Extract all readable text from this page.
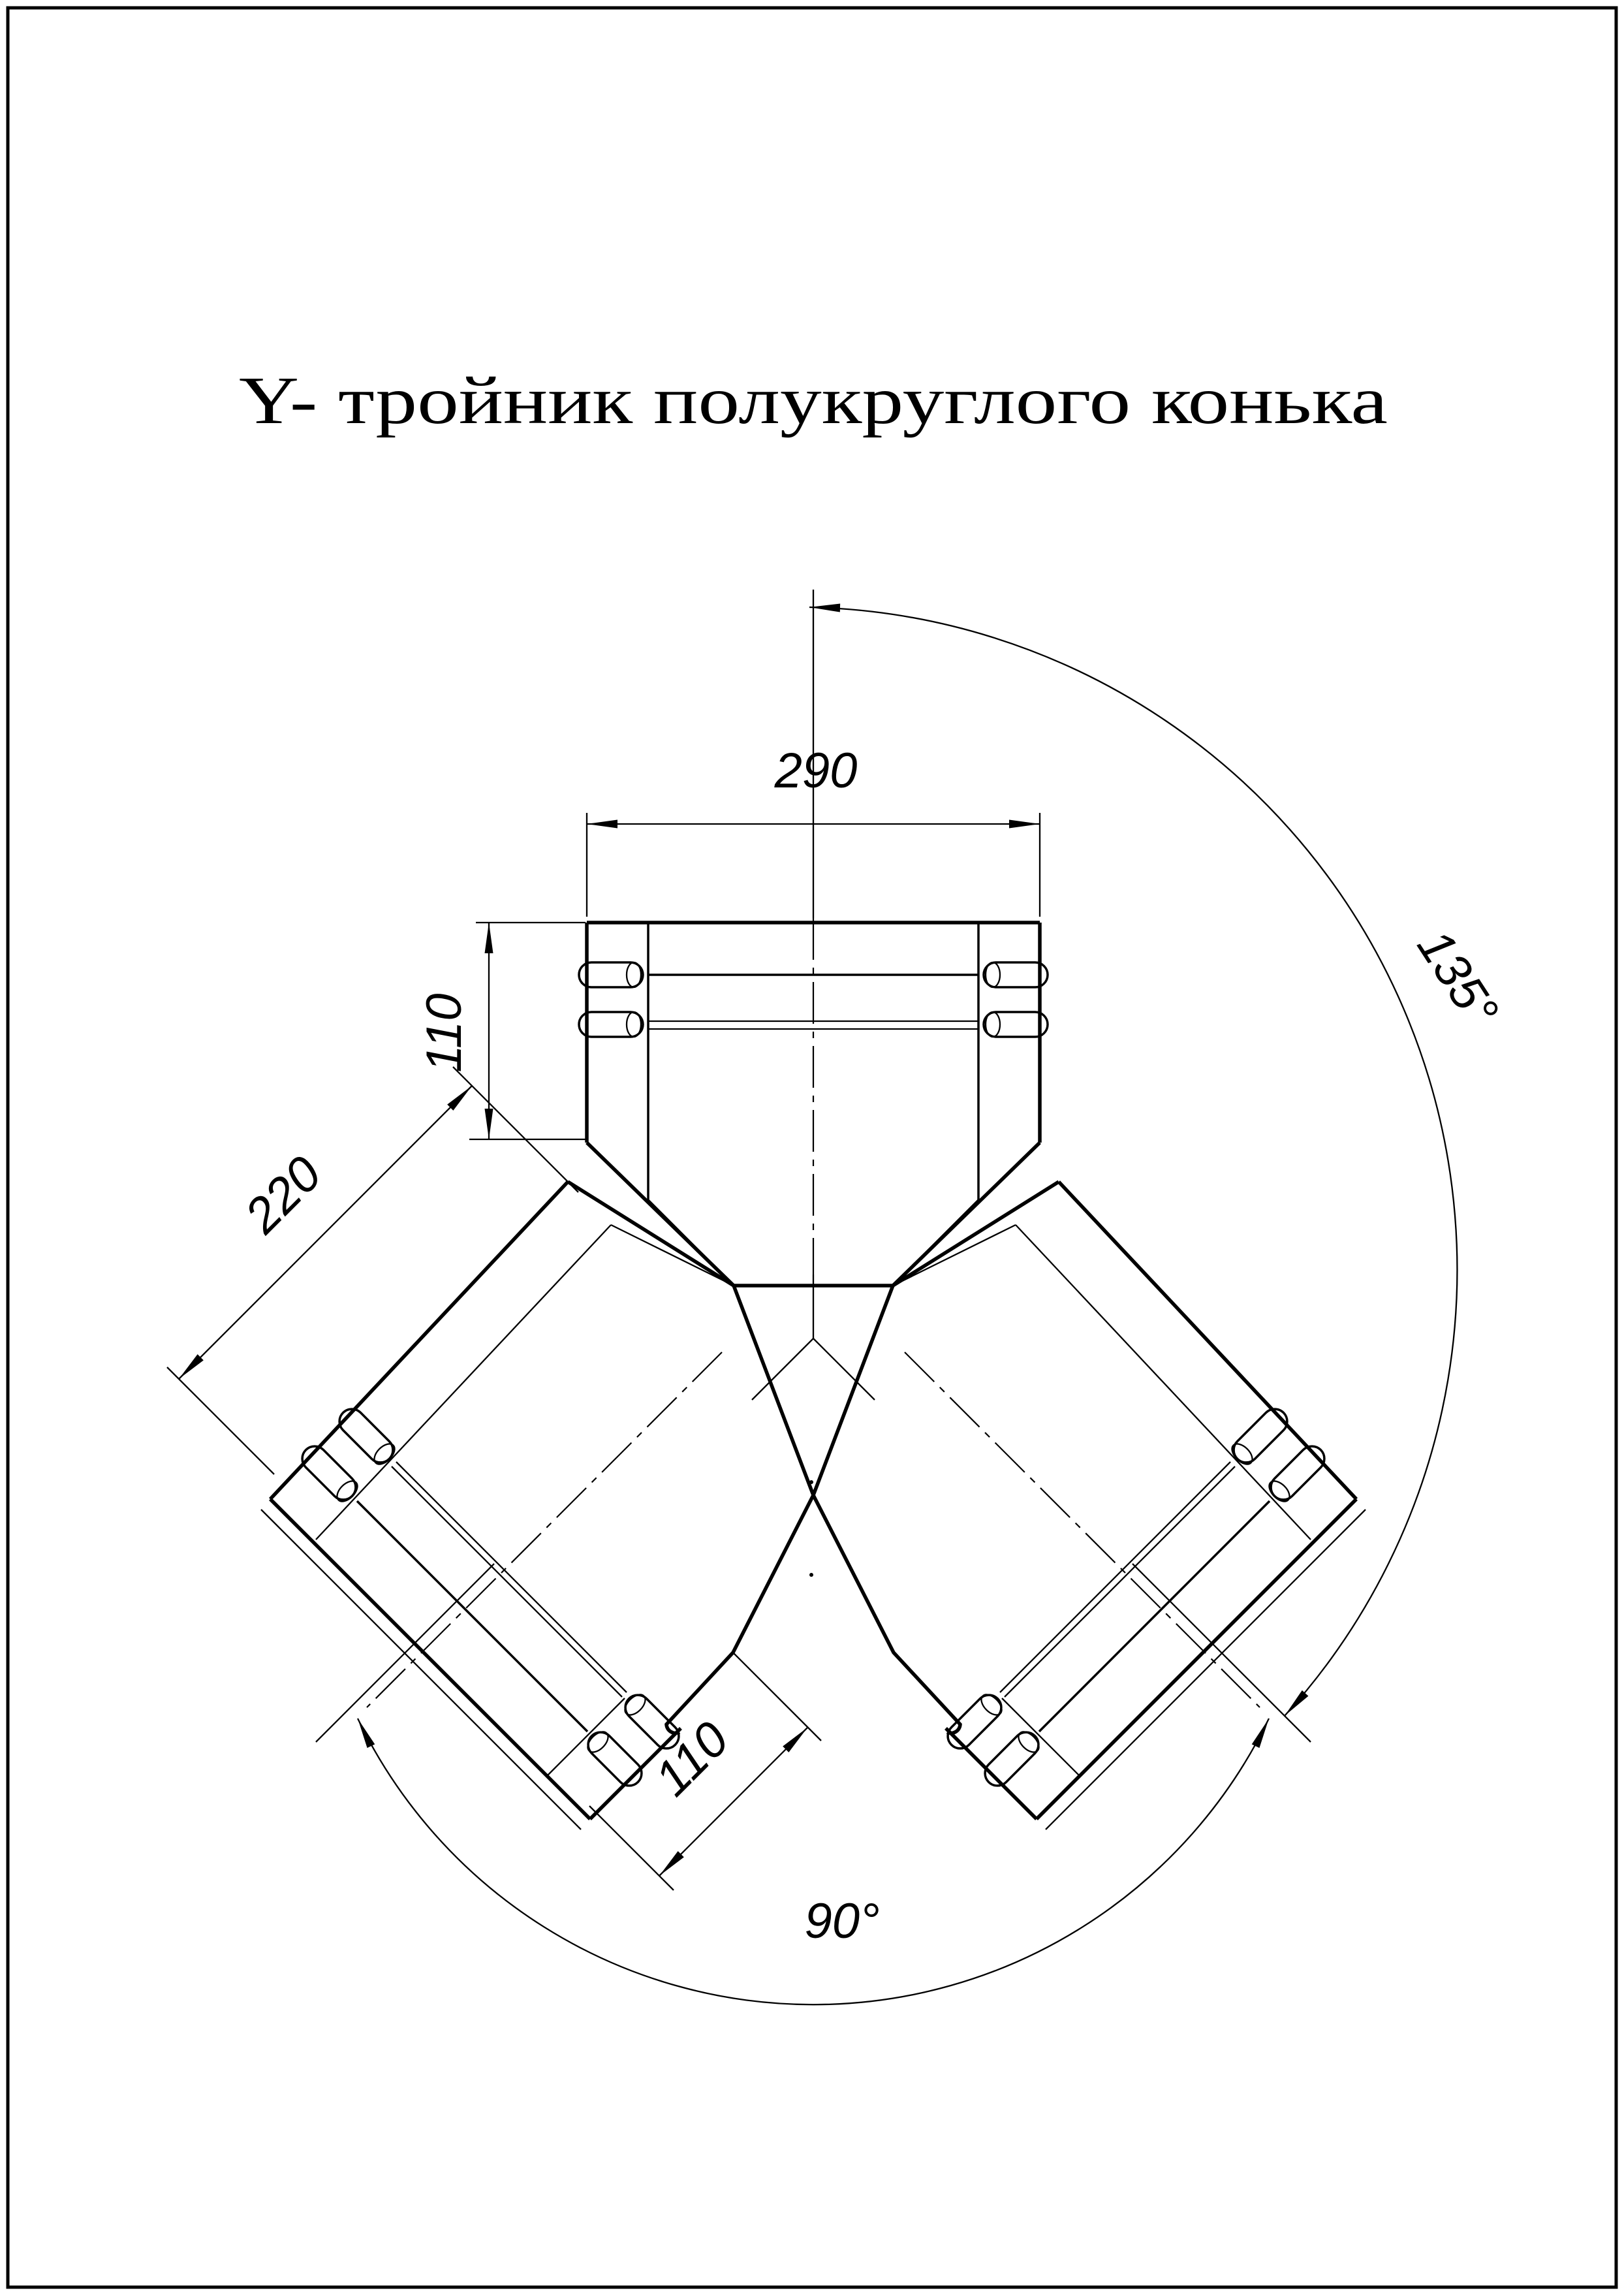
Y- тройник полукруглого конька
290
110
220
110
135°
90°
